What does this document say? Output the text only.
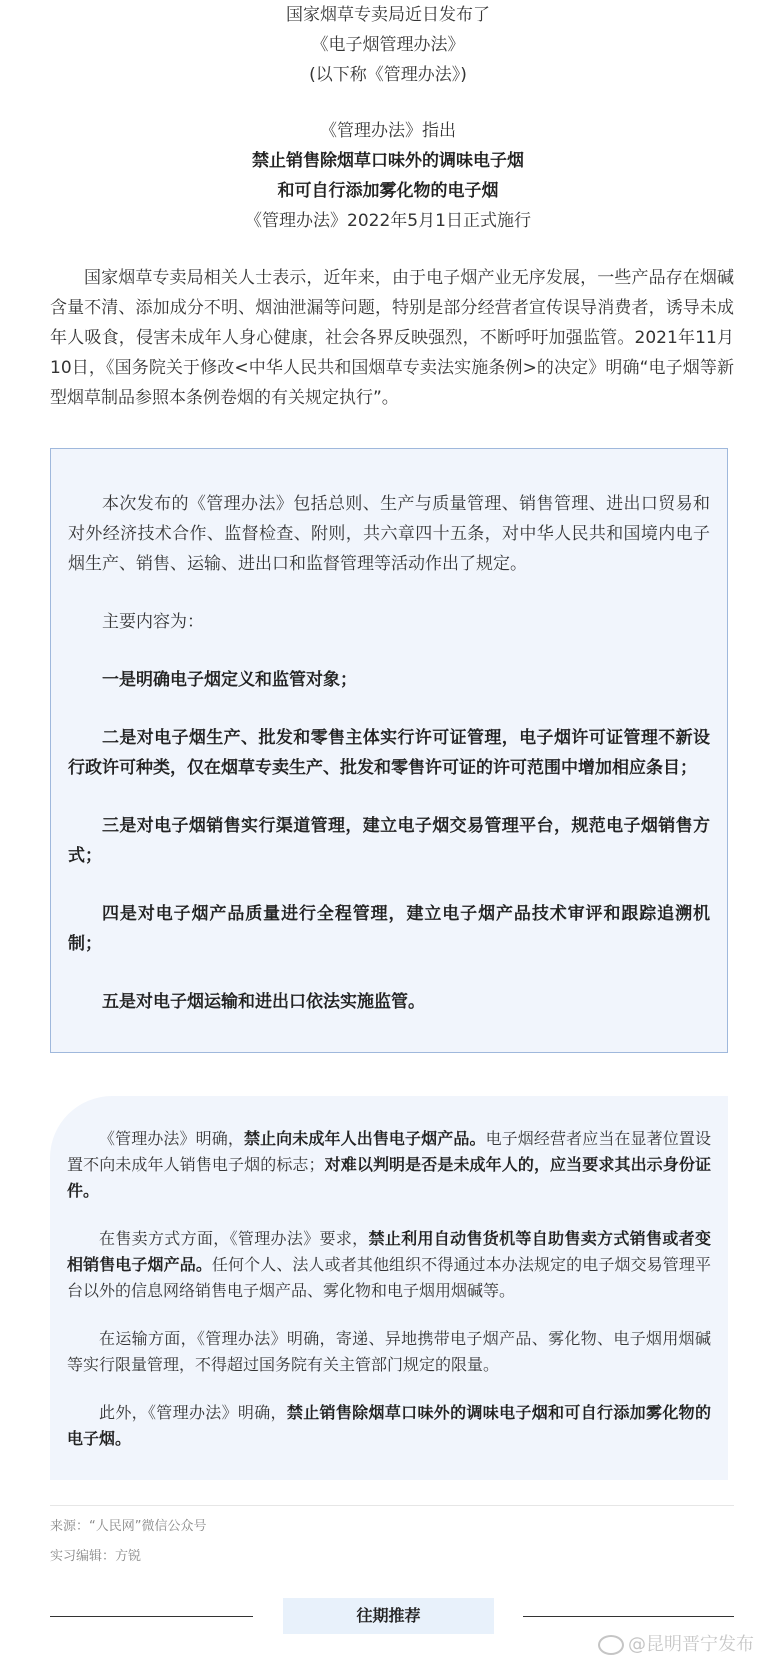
国家烟草专卖局近日发布了

《电子烟管理办法》

(以下称《管理办法》)

《管理办法》指出

禁止销售除烟草口味外的调味电子烟

和可自行添加雾化物的电子烟

《管理办法》2022年5月1日正式施行

国家烟草专卖局相关人士表示，近年来，由于电子烟产业无序发展，一些产品存在烟碱含量不清、添加成分不明、烟油泄漏等问题，特别是部分经营者宣传误导消费者，诱导未成年人吸食，侵害未成年人身心健康，社会各界反映强烈，不断呼吁加强监管。2021年11月10日，《国务院关于修改<中华人民共和国烟草专卖法实施条例>的决定》明确“电子烟等新型烟草制品参照本条例卷烟的有关规定执行”。

本次发布的《管理办法》包括总则、生产与质量管理、销售管理、进出口贸易和对外经济技术合作、监督检查、附则，共六章四十五条，对中华人民共和国境内电子烟生产、销售、运输、进出口和监督管理等活动作出了规定。

主要内容为：

一是明确电子烟定义和监管对象；

二是对电子烟生产、批发和零售主体实行许可证管理，电子烟许可证管理不新设行政许可种类，仅在烟草专卖生产、批发和零售许可证的许可范围中增加相应条目；

三是对电子烟销售实行渠道管理，建立电子烟交易管理平台，规范电子烟销售方式；

四是对电子烟产品质量进行全程管理，建立电子烟产品技术审评和跟踪追溯机制；

五是对电子烟运输和进出口依法实施监管。

《管理办法》明确，禁止向未成年人出售电子烟产品。电子烟经营者应当在显著位置设置不向未成年人销售电子烟的标志；对难以判明是否是未成年人的，应当要求其出示身份证件。

在售卖方式方面，《管理办法》要求，禁止利用自动售货机等自助售卖方式销售或者变相销售电子烟产品。任何个人、法人或者其他组织不得通过本办法规定的电子烟交易管理平台以外的信息网络销售电子烟产品、雾化物和电子烟用烟碱等。

在运输方面，《管理办法》明确，寄递、异地携带电子烟产品、雾化物、电子烟用烟碱等实行限量管理，不得超过国务院有关主管部门规定的限量。

此外，《管理办法》明确，禁止销售除烟草口味外的调味电子烟和可自行添加雾化物的电子烟。

来源：“人民网”微信公众号
实习编辑：方锐
往期推荐
@昆明晋宁发布
